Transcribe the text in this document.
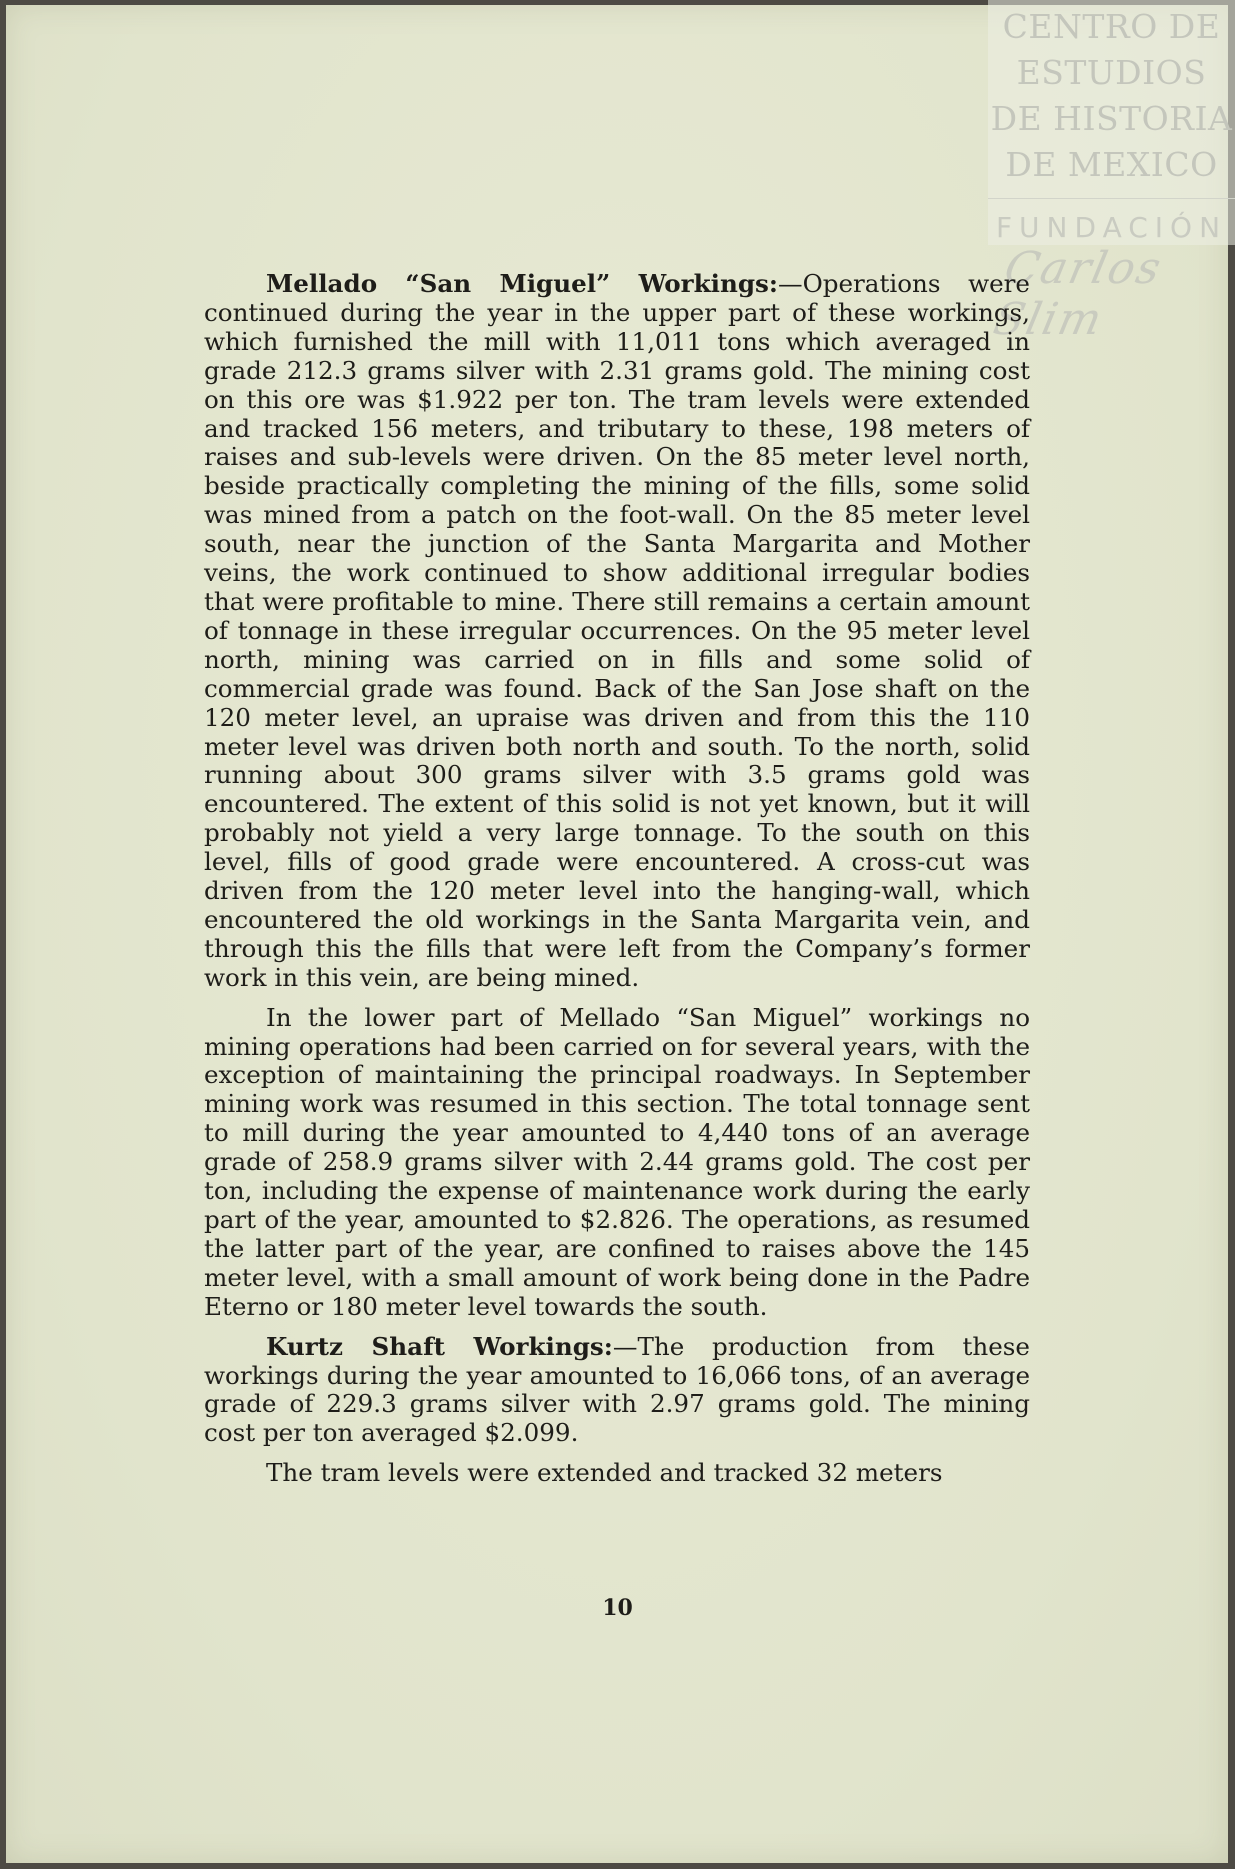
CENTRO DE
ESTUDIOS
DE HISTORIA
DE MEXICO
FUNDACIÓN
Carlos Slim

Mellado “San Miguel” Workings:—Operations were continued during the year in the upper part of these workings, which furnished the mill with 11,011 tons which averaged in grade 212.3 grams silver with 2.31 grams gold. The mining cost on this ore was $1.922 per ton. The tram levels were extended and tracked 156 meters, and tributary to these, 198 meters of raises and sub-levels were driven. On the 85 meter level north, beside practically completing the mining of the fills, some solid was mined from a patch on the foot-wall. On the 85 meter level south, near the junction of the Santa Margarita and Mother veins, the work continued to show additional irregular bodies that were profitable to mine. There still remains a certain amount of tonnage in these irregular occurrences. On the 95 meter level north, mining was carried on in fills and some solid of commercial grade was found. Back of the San Jose shaft on the 120 meter level, an upraise was driven and from this the 110 meter level was driven both north and south. To the north, solid running about 300 grams silver with 3.5 grams gold was encountered. The extent of this solid is not yet known, but it will probably not yield a very large tonnage. To the south on this level, fills of good grade were encountered. A cross-cut was driven from the 120 meter level into the hanging-wall, which encountered the old workings in the Santa Margarita vein, and through this the fills that were left from the Company’s former work in this vein, are being mined.

In the lower part of Mellado “San Miguel” workings no mining operations had been carried on for several years, with the exception of maintaining the principal roadways. In September mining work was resumed in this section. The total tonnage sent to mill during the year amounted to 4,440 tons of an average grade of 258.9 grams silver with 2.44 grams gold. The cost per ton, including the expense of maintenance work during the early part of the year, amounted to $2.826. The operations, as resumed the latter part of the year, are confined to raises above the 145 meter level, with a small amount of work being done in the Padre Eterno or 180 meter level towards the south.

Kurtz Shaft Workings:—The production from these workings during the year amounted to 16,066 tons, of an average grade of 229.3 grams silver with 2.97 grams gold. The mining cost per ton averaged $2.099.

The tram levels were extended and tracked 32 meters

10
